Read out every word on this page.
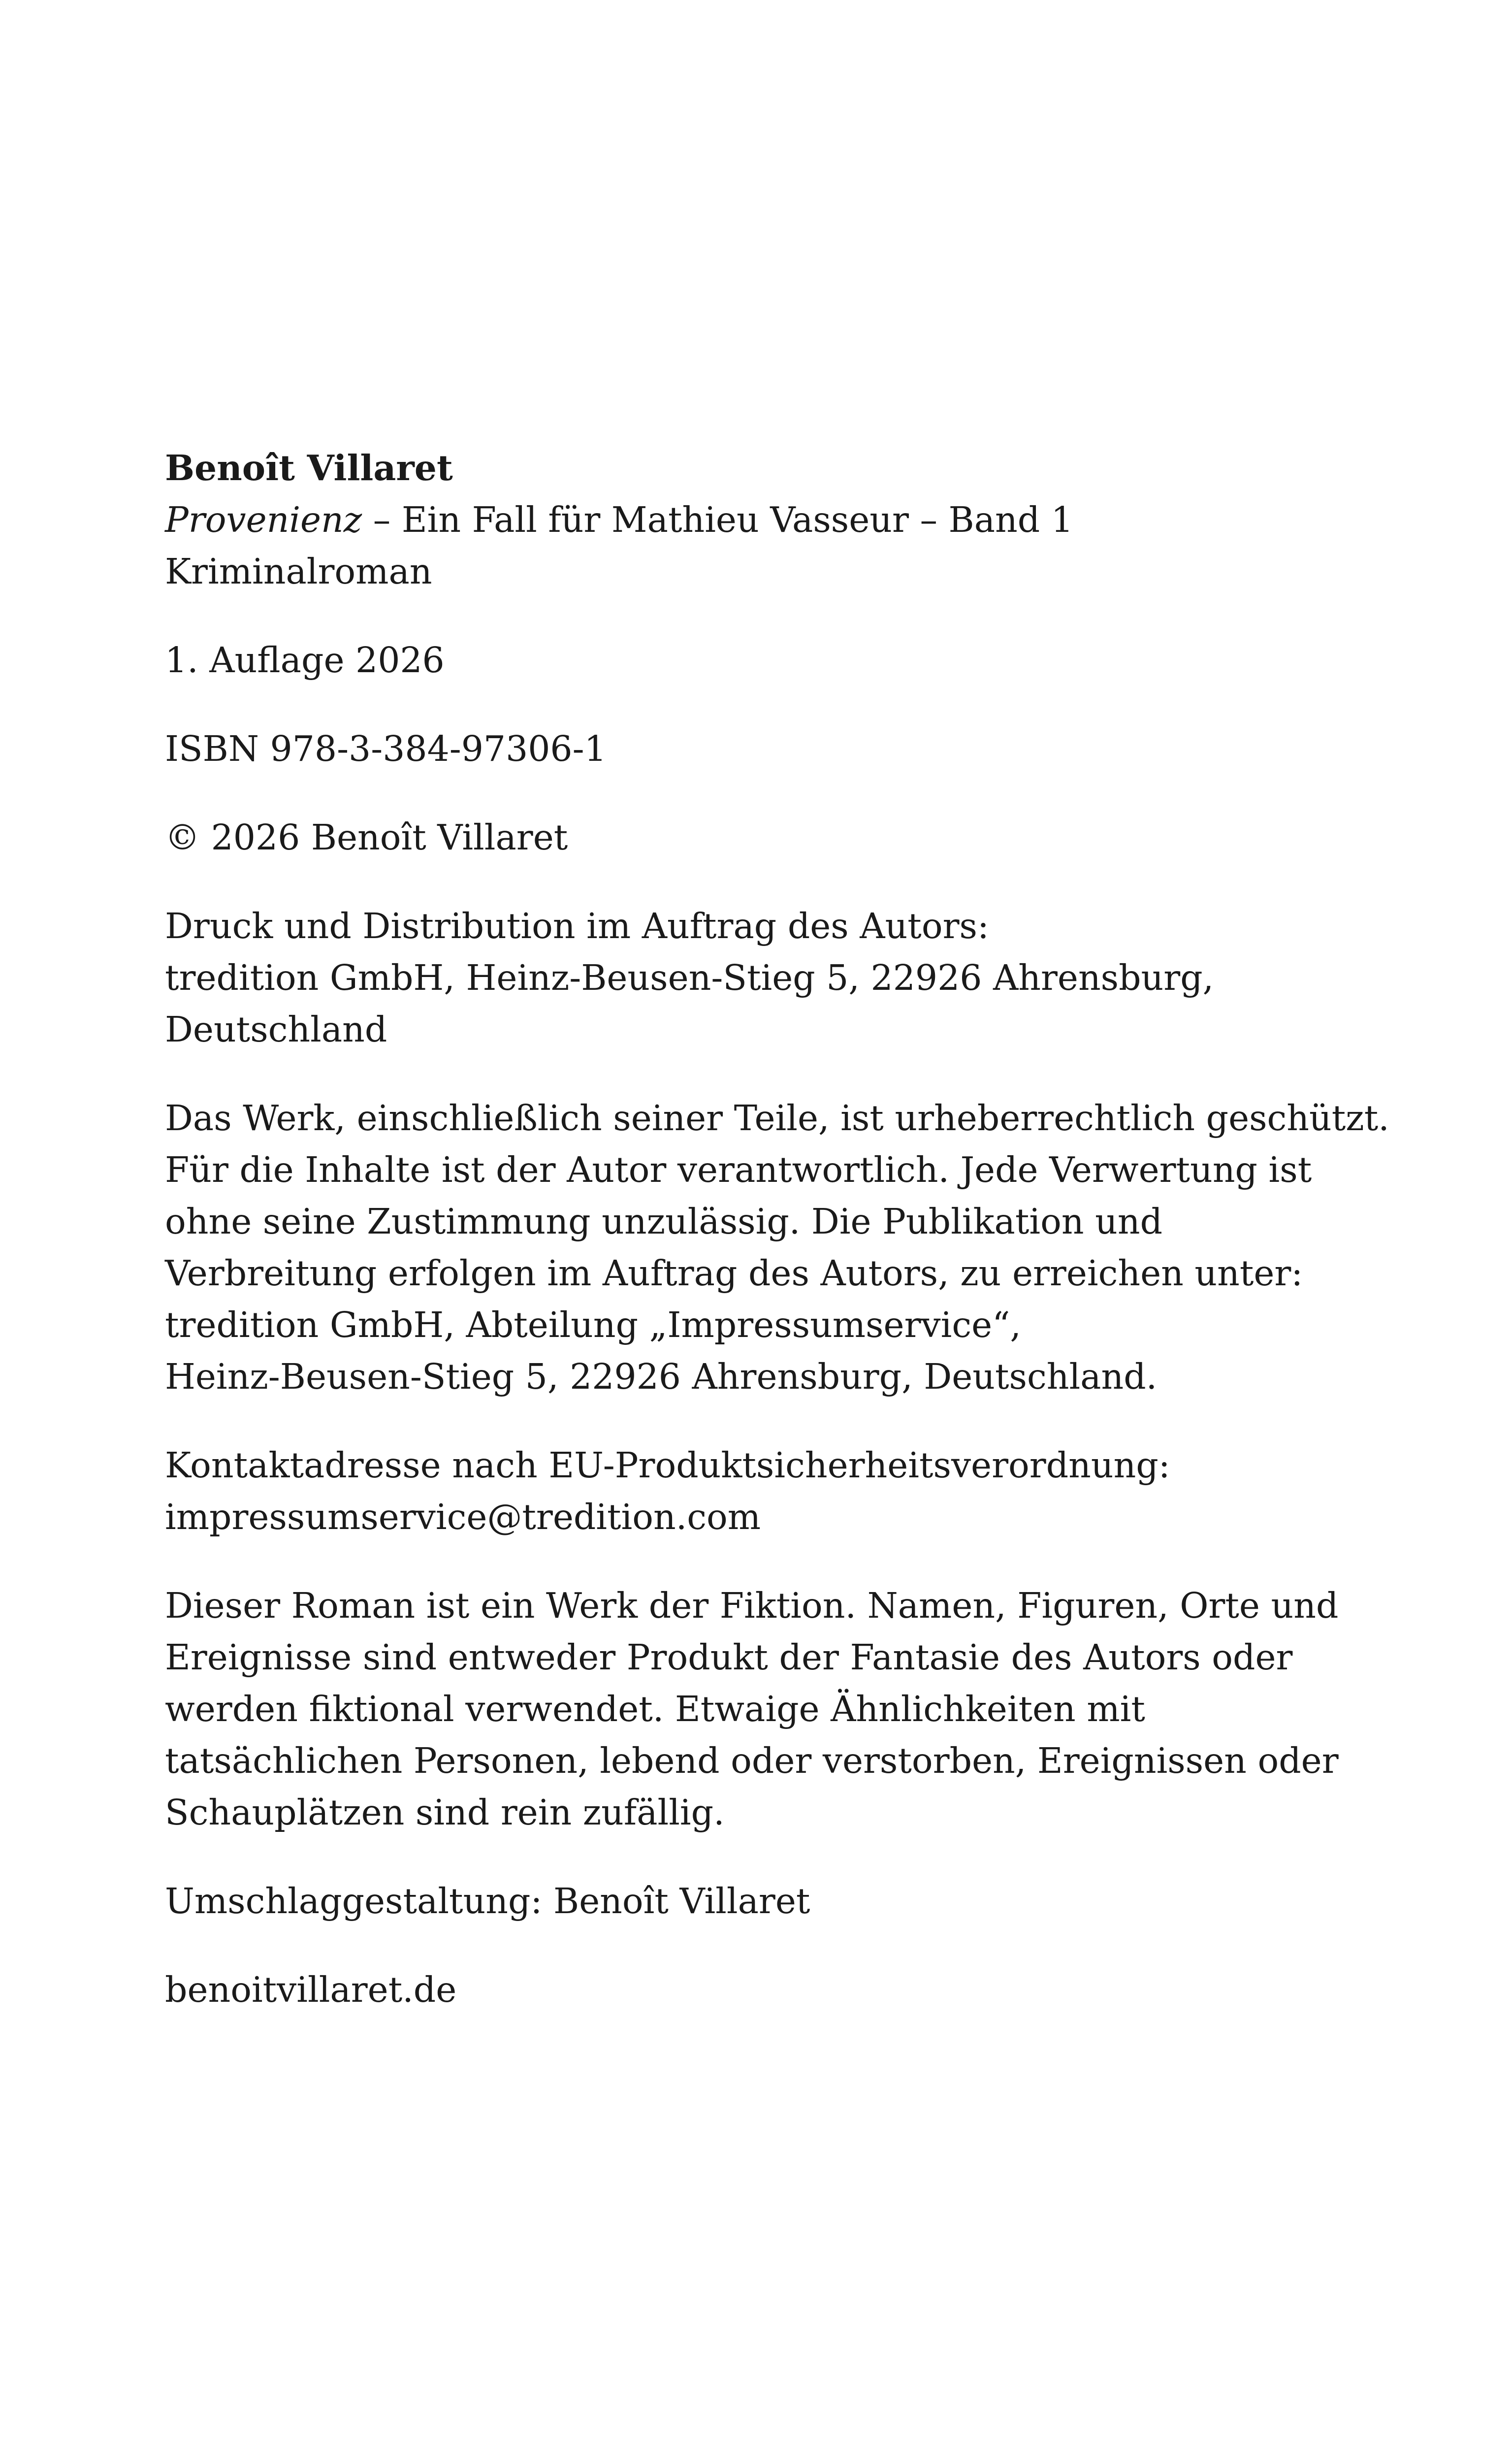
Benoît Villaret
Provenienz – Ein Fall für Mathieu Vasseur – Band 1
Kriminalroman

1. Auflage 2026

ISBN 978-3-384-97306-1

© 2026 Benoît Villaret

Druck und Distribution im Auftrag des Autors:
tredition GmbH, Heinz-Beusen-Stieg 5, 22926 Ahrensburg,
Deutschland

Das Werk, einschließlich seiner Teile, ist urheberrechtlich geschützt.
Für die Inhalte ist der Autor verantwortlich. Jede Verwertung ist
ohne seine Zustimmung unzulässig. Die Publikation und
Verbreitung erfolgen im Auftrag des Autors, zu erreichen unter:
tredition GmbH, Abteilung „Impressumservice“,
Heinz-Beusen-Stieg 5, 22926 Ahrensburg, Deutschland.

Kontaktadresse nach EU-Produktsicherheitsverordnung:
impressumservice@tredition.com

Dieser Roman ist ein Werk der Fiktion. Namen, Figuren, Orte und
Ereignisse sind entweder Produkt der Fantasie des Autors oder
werden fiktional verwendet. Etwaige Ähnlichkeiten mit
tatsächlichen Personen, lebend oder verstorben, Ereignissen oder
Schauplätzen sind rein zufällig.

Umschlaggestaltung: Benoît Villaret

benoitvillaret.de
